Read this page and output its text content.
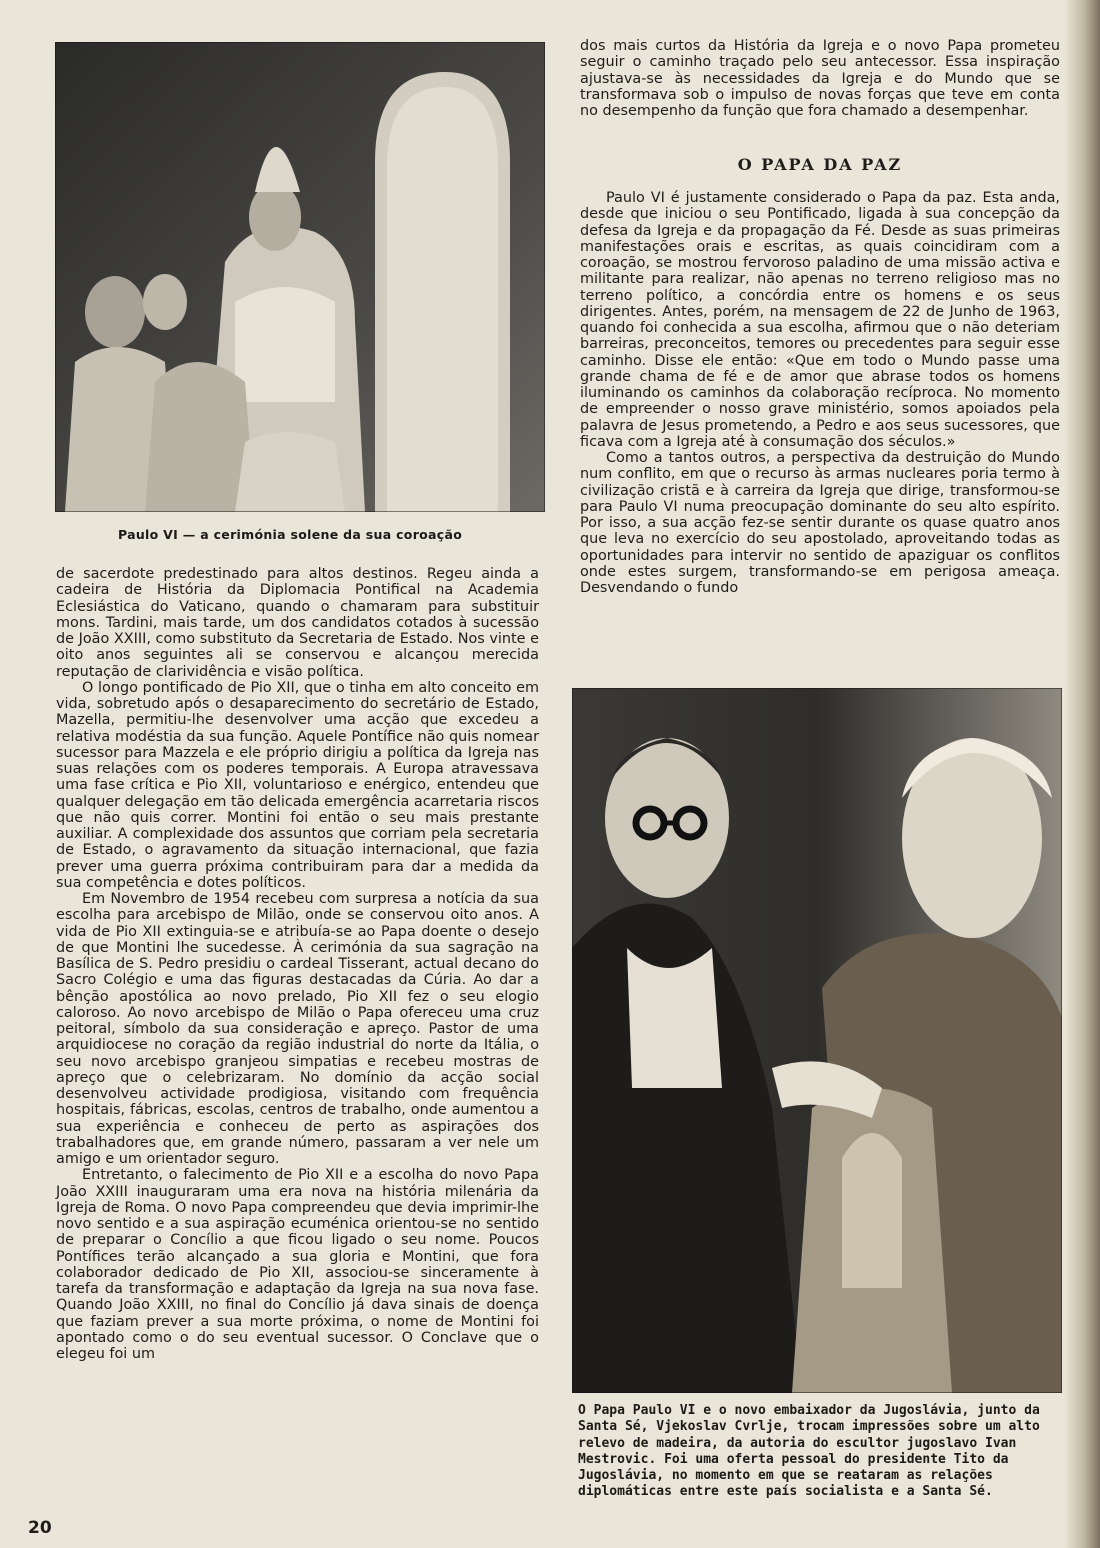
Paulo VI — a cerimónia solene da sua coroação

de sacerdote predestinado para altos destinos. Regeu ainda a cadeira de História da Diplomacia Pontifical na Academia Eclesiástica do Vaticano, quando o chamaram para substituir mons. Tardini, mais tarde, um dos candidatos cotados à sucessão de João XXIII, como substituto da Secretaria de Estado. Nos vinte e oito anos seguintes ali se conservou e alcançou merecida reputação de clarividência e visão política.

O longo pontificado de Pio XII, que o tinha em alto conceito em vida, sobretudo após o desaparecimento do secretário de Estado, Mazella, permitiu-lhe desenvolver uma acção que excedeu a relativa modéstia da sua função. Aquele Pontífice não quis nomear sucessor para Mazzela e ele próprio dirigiu a política da Igreja nas suas relações com os poderes temporais. A Europa atravessava uma fase crítica e Pio XII, voluntarioso e enérgico, entendeu que qualquer delegação em tão delicada emergência acarretaria riscos que não quis correr. Montini foi então o seu mais prestante auxiliar. A complexidade dos assuntos que corriam pela secretaria de Estado, o agravamento da situação internacional, que fazia prever uma guerra próxima contribuiram para dar a medida da sua competência e dotes políticos.

Em Novembro de 1954 recebeu com surpresa a notícia da sua escolha para arcebispo de Milão, onde se conservou oito anos. A vida de Pio XII extinguia-se e atribuía-se ao Papa doente o desejo de que Montini lhe sucedesse. À cerimónia da sua sagração na Basílica de S. Pedro presidiu o cardeal Tisserant, actual decano do Sacro Colégio e uma das figuras destacadas da Cúria. Ao dar a bênção apostólica ao novo prelado, Pio XII fez o seu elogio caloroso. Ao novo arcebispo de Milão o Papa ofereceu uma cruz peitoral, símbolo da sua consideração e apreço. Pastor de uma arquidiocese no coração da região industrial do norte da Itália, o seu novo arcebispo granjeou simpatias e recebeu mostras de apreço que o celebrizaram. No domínio da acção social desenvolveu actividade prodigiosa, visitando com frequência hospitais, fábricas, escolas, centros de trabalho, onde aumentou a sua experiência e conheceu de perto as aspirações dos trabalhadores que, em grande número, passaram a ver nele um amigo e um orientador seguro.

Entretanto, o falecimento de Pio XII e a escolha do novo Papa João XXIII inauguraram uma era nova na história milenária da Igreja de Roma. O novo Papa compreendeu que devia imprimir-lhe novo sentido e a sua aspiração ecuménica orientou-se no sentido de preparar o Concílio a que ficou ligado o seu nome. Poucos Pontífices terão alcançado a sua gloria e Montini, que fora colaborador dedicado de Pio XII, associou-se sinceramente à tarefa da transformação e adaptação da Igreja na sua nova fase. Quando João XXIII, no final do Concílio já dava sinais de doença que faziam prever a sua morte próxima, o nome de Montini foi apontado como o do seu eventual sucessor. O Conclave que o elegeu foi um

dos mais curtos da História da Igreja e o novo Papa prometeu seguir o caminho traçado pelo seu antecessor. Essa inspiração ajustava-se às necessidades da Igreja e do Mundo que se transformava sob o impulso de novas forças que teve em conta no desempenho da função que fora chamado a desempenhar.

O PAPA DA PAZ

Paulo VI é justamente considerado o Papa da paz. Esta anda, desde que iniciou o seu Pontificado, ligada à sua concepção da defesa da Igreja e da propagação da Fé. Desde as suas primeiras manifestações orais e escritas, as quais coincidiram com a coroação, se mostrou fervoroso paladino de uma missão activa e militante para realizar, não apenas no terreno religioso mas no terreno político, a concórdia entre os homens e os seus dirigentes. Antes, porém, na mensagem de 22 de Junho de 1963, quando foi conhecida a sua escolha, afirmou que o não deteriam barreiras, preconceitos, temores ou precedentes para seguir esse caminho. Disse ele então: «Que em todo o Mundo passe uma grande chama de fé e de amor que abrase todos os homens iluminando os caminhos da colaboração recíproca. No momento de empreender o nosso grave ministério, somos apoiados pela palavra de Jesus prometendo, a Pedro e aos seus sucessores, que ficava com a Igreja até à consumação dos séculos.»

Como a tantos outros, a perspectiva da destruição do Mundo num conflito, em que o recurso às armas nucleares poria termo à civilização cristã e à carreira da Igreja que dirige, transformou-se para Paulo VI numa preocupação dominante do seu alto espírito. Por isso, a sua acção fez-se sentir durante os quase quatro anos que leva no exercício do seu apostolado, aproveitando todas as oportunidades para intervir no sentido de apaziguar os conflitos onde estes surgem, transformando-se em perigosa ameaça. Desvendando o fundo

O Papa Paulo VI e o novo embaixador da Jugoslávia, junto da Santa Sé, Vjekoslav Cvrlje, trocam impressões sobre um alto relevo de madeira, da autoria do escultor jugoslavo Ivan Mestrovic. Foi uma oferta pessoal do presidente Tito da Jugoslávia, no momento em que se reataram as relações diplomáticas entre este país socialista e a Santa Sé.
20
